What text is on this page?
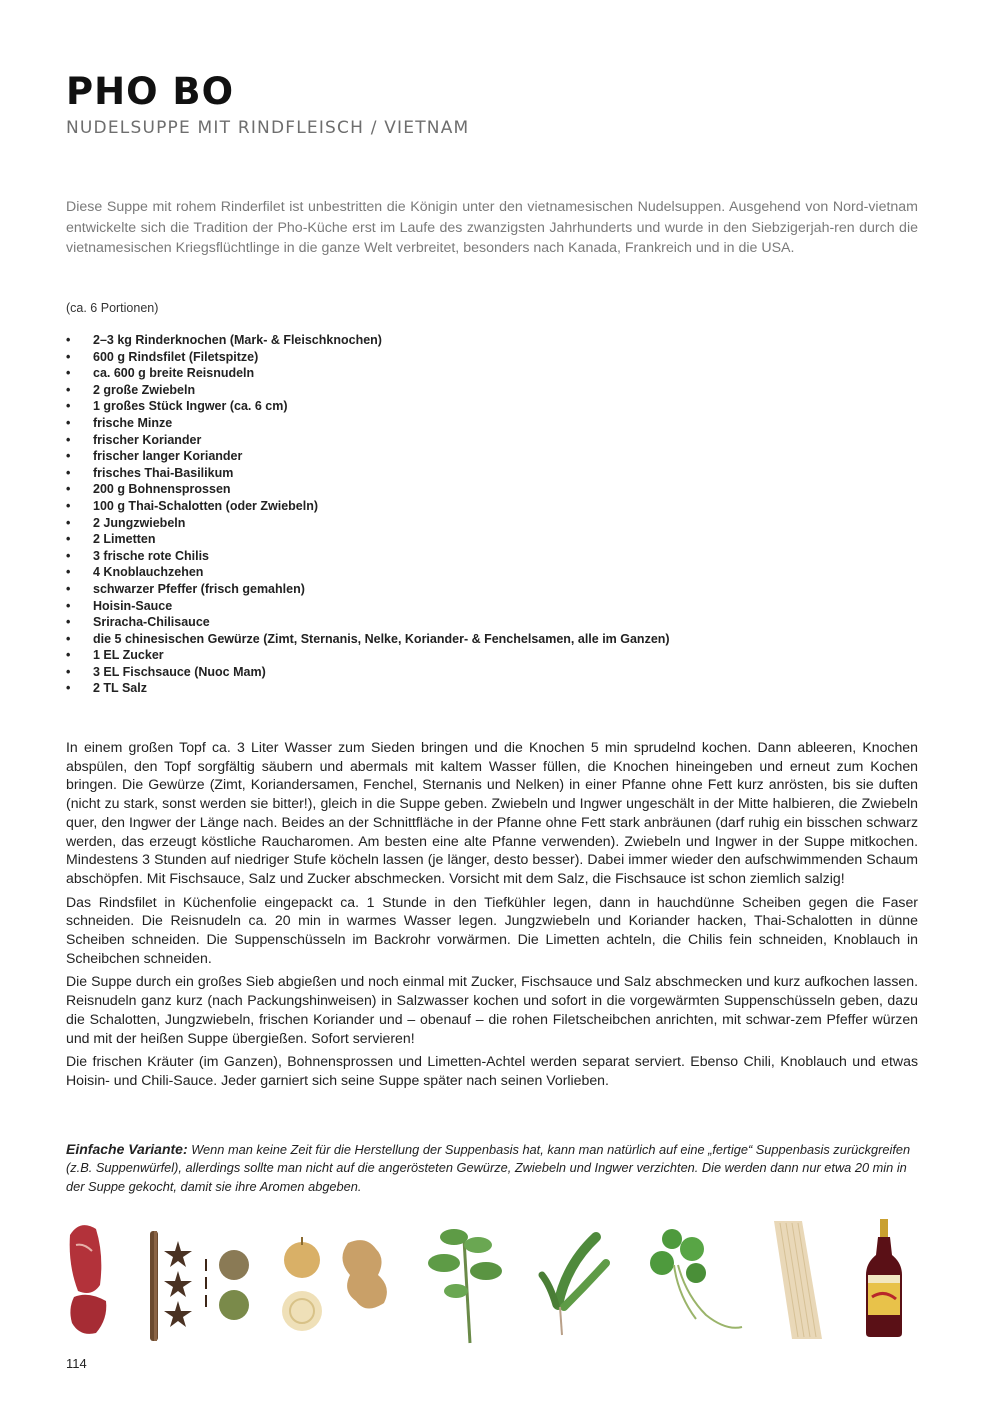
PHO BO
NUDELSUPPE MIT RINDFLEISCH / VIETNAM

Diese Suppe mit rohem Rinderfilet ist unbestritten die Königin unter den vietnamesischen Nudelsuppen. Ausgehend von Nord-vietnam entwickelte sich die Tradition der Pho-Küche erst im Laufe des zwanzigsten Jahrhunderts und wurde in den Siebzigerjah-ren durch die vietnamesischen Kriegsflüchtlinge in die ganze Welt verbreitet, besonders nach Kanada, Frankreich und in die USA.

(ca. 6 Portionen)

• 2–3 kg Rinderknochen (Mark- & Fleischknochen)
• 600 g Rindsfilet (Filetspitze)
• ca. 600 g breite Reisnudeln
• 2 große Zwiebeln
• 1 großes Stück Ingwer (ca. 6 cm)
• frische Minze
• frischer Koriander
• frischer langer Koriander
• frisches Thai-Basilikum
• 200 g Bohnensprossen
• 100 g Thai-Schalotten (oder Zwiebeln)
• 2 Jungzwiebeln
• 2 Limetten
• 3 frische rote Chilis
• 4 Knoblauchzehen
• schwarzer Pfeffer (frisch gemahlen)
• Hoisin-Sauce
• Sriracha-Chilisauce
• die 5 chinesischen Gewürze (Zimt, Sternanis, Nelke, Koriander- & Fenchelsamen, alle im Ganzen)
• 1 EL Zucker
• 3 EL Fischsauce (Nuoc Mam)
• 2 TL Salz

In einem großen Topf ca. 3 Liter Wasser zum Sieden bringen und die Knochen 5 min sprudelnd kochen. Dann ableeren, Knochen abspülen, den Topf sorgfältig säubern und abermals mit kaltem Wasser füllen, die Knochen hineingeben und erneut zum Kochen bringen. Die Gewürze (Zimt, Koriandersamen, Fenchel, Sternanis und Nelken) in einer Pfanne ohne Fett kurz anrösten, bis sie duften (nicht zu stark, sonst werden sie bitter!), gleich in die Suppe geben. Zwiebeln und Ingwer ungeschält in der Mitte halbieren, die Zwiebeln quer, den Ingwer der Länge nach. Beides an der Schnittfläche in der Pfanne ohne Fett stark anbräunen (darf ruhig ein bisschen schwarz werden, das erzeugt köstliche Raucharomen. Am besten eine alte Pfanne verwenden). Zwiebeln und Ingwer in der Suppe mitkochen. Mindestens 3 Stunden auf niedriger Stufe köcheln lassen (je länger, desto besser). Dabei immer wieder den aufschwimmenden Schaum abschöpfen. Mit Fischsauce, Salz und Zucker abschmecken. Vorsicht mit dem Salz, die Fischsauce ist schon ziemlich salzig!

Das Rindsfilet in Küchenfolie eingepackt ca. 1 Stunde in den Tiefkühler legen, dann in hauchdünne Scheiben gegen die Faser schneiden. Die Reisnudeln ca. 20 min in warmes Wasser legen. Jungzwiebeln und Koriander hacken, Thai-Schalotten in dünne Scheiben schneiden. Die Suppenschüsseln im Backrohr vorwärmen. Die Limetten achteln, die Chilis fein schneiden, Knoblauch in Scheibchen schneiden.

Die Suppe durch ein großes Sieb abgießen und noch einmal mit Zucker, Fischsauce und Salz abschmecken und kurz aufkochen lassen. Reisnudeln ganz kurz (nach Packungshinweisen) in Salzwasser kochen und sofort in die vorgewärmten Suppenschüsseln geben, dazu die Schalotten, Jungzwiebeln, frischen Koriander und – obenauf – die rohen Filetscheibchen anrichten, mit schwar-zem Pfeffer würzen und mit der heißen Suppe übergießen. Sofort servieren!

Die frischen Kräuter (im Ganzen), Bohnensprossen und Limetten-Achtel werden separat serviert. Ebenso Chili, Knoblauch und etwas Hoisin- und Chili-Sauce. Jeder garniert sich seine Suppe später nach seinen Vorlieben.

Einfache Variante: Wenn man keine Zeit für die Herstellung der Suppenbasis hat, kann man natürlich auf eine „fertige“ Suppenbasis zurückgreifen (z.B. Suppenwürfel), allerdings sollte man nicht auf die angerösteten Gewürze, Zwiebeln und Ingwer verzichten. Die werden dann nur etwa 20 min in der Suppe gekocht, damit sie ihre Aromen abgeben.

114
